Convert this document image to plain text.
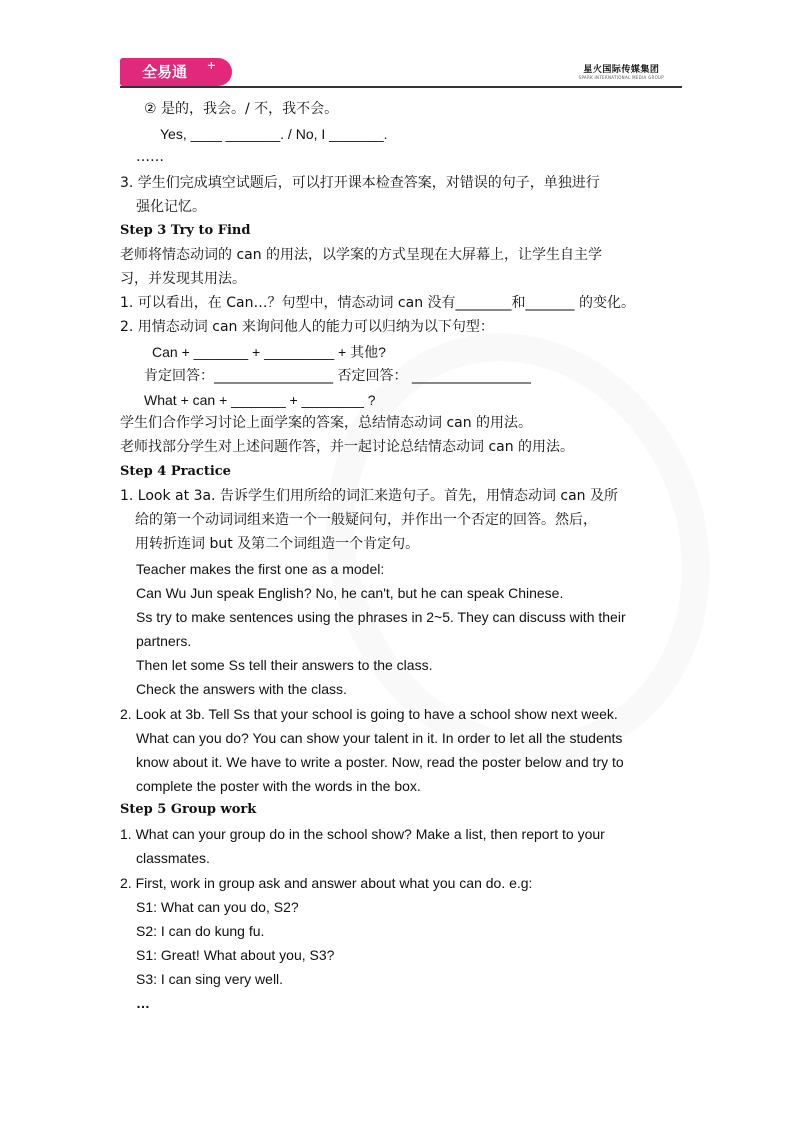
全易通 +	星火国际传媒集团
SPARK INTERNATIONAL MEDIA GROUP
② 是的，我会。/ 不，我不会。
Yes, ____ _______. / No, I _______.
……
3. 学生们完成填空试题后，可以打开课本检查答案，对错误的句子，单独进行
强化记忆。
Step 3 Try to Find
老师将情态动词的 can 的用法，以学案的方式呈现在大屏幕上，让学生自主学
习，并发现其用法。
1. 可以看出，在 Can…？句型中，情态动词 can 没有________和_______ 的变化。
2. 用情态动词 can 来询问他人的能力可以归纳为以下句型：
Can + _______ + _________ + 其他?
肯定回答：_________________ 否定回答： _________________
What + can + _______ + ________ ?
学生们合作学习讨论上面学案的答案，总结情态动词 can 的用法。
老师找部分学生对上述问题作答，并一起讨论总结情态动词 can 的用法。
Step 4 Practice
1. Look at 3a. 告诉学生们用所给的词汇来造句子。首先，用情态动词 can 及所
给的第一个动词词组来造一个一般疑问句，并作出一个否定的回答。然后，
用转折连词 but 及第二个词组造一个肯定句。
Teacher makes the first one as a model:
Can Wu Jun speak English? No, he can't, but he can speak Chinese.
Ss try to make sentences using the phrases in 2~5. They can discuss with their
partners.
Then let some Ss tell their answers to the class.
Check the answers with the class.
2. Look at 3b. Tell Ss that your school is going to have a school show next week.
What can you do? You can show your talent in it. In order to let all the students
know about it. We have to write a poster. Now, read the poster below and try to
complete the poster with the words in the box.
Step 5 Group work
1. What can your group do in the school show? Make a list, then report to your
classmates.
2. First, work in group ask and answer about what you can do. e.g:
S1: What can you do, S2?
S2: I can do kung fu.
S1: Great! What about you, S3?
S3: I can sing very well.
…
